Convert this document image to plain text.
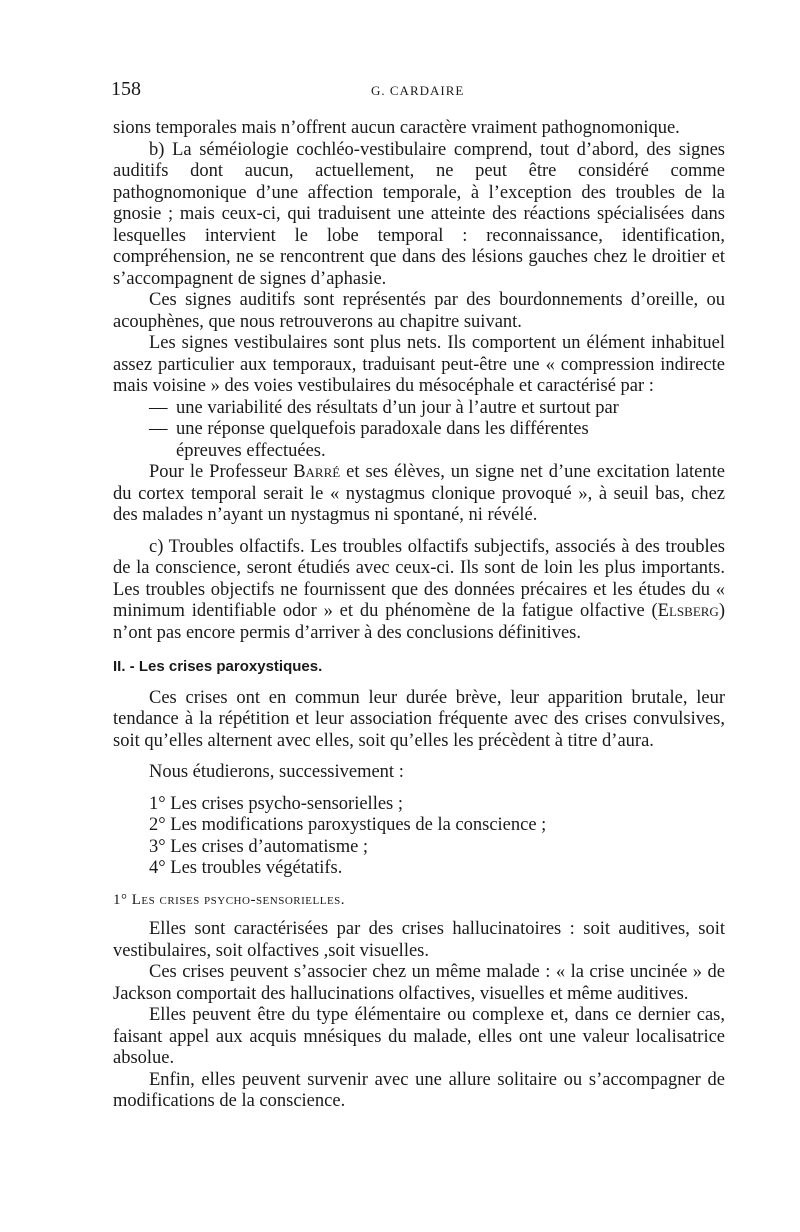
158	G. CARDAIRE

sions temporales mais n’offrent aucun caractère vraiment pathognomonique.

b) La séméiologie cochléo-vestibulaire comprend, tout d’abord, des signes auditifs dont aucun, actuellement, ne peut être considéré comme pathognomonique d’une affection temporale, à l’exception des troubles de la gnosie ; mais ceux-ci, qui traduisent une atteinte des réactions spécialisées dans lesquelles intervient le lobe temporal : reconnaissance, identification, compréhension, ne se rencontrent que dans des lésions gauches chez le droitier et s’accompagnent de signes d’aphasie.

Ces signes auditifs sont représentés par des bourdonnements d’oreille, ou acouphènes, que nous retrouverons au chapitre suivant.

Les signes vestibulaires sont plus nets. Ils comportent un élément inhabituel assez particulier aux temporaux, traduisant peut-être une « compression indirecte mais voisine » des voies vestibulaires du mésocéphale et caractérisé par :

— une variabilité des résultats d’un jour à l’autre et surtout par
— une réponse quelquefois paradoxale dans les différentes
épreuves effectuées.

Pour le Professeur Barré et ses élèves, un signe net d’une excitation latente du cortex temporal serait le « nystagmus clonique provoqué », à seuil bas, chez des malades n’ayant un nystagmus ni spontané, ni révélé.

c) Troubles olfactifs. Les troubles olfactifs subjectifs, associés à des troubles de la conscience, seront étudiés avec ceux-ci. Ils sont de loin les plus importants. Les troubles objectifs ne fournissent que des données précaires et les études du « minimum identifiable odor » et du phénomène de la fatigue olfactive (Elsberg) n’ont pas encore permis d’arriver à des conclusions définitives.

II. - Les crises paroxystiques.

Ces crises ont en commun leur durée brève, leur apparition brutale, leur tendance à la répétition et leur association fréquente avec des crises convulsives, soit qu’elles alternent avec elles, soit qu’elles les précèdent à titre d’aura.

Nous étudierons, successivement :

1° Les crises psycho-sensorielles ;
2° Les modifications paroxystiques de la conscience ;
3° Les crises d’automatisme ;
4° Les troubles végétatifs.
1° Les crises psycho-sensorielles.

Elles sont caractérisées par des crises hallucinatoires : soit auditives, soit vestibulaires, soit olfactives ,soit visuelles.

Ces crises peuvent s’associer chez un même malade : « la crise uncinée » de Jackson comportait des hallucinations olfactives, visuelles et même auditives.

Elles peuvent être du type élémentaire ou complexe et, dans ce dernier cas, faisant appel aux acquis mnésiques du malade, elles ont une valeur localisatrice absolue.

Enfin, elles peuvent survenir avec une allure solitaire ou s’accompagner de modifications de la conscience.
